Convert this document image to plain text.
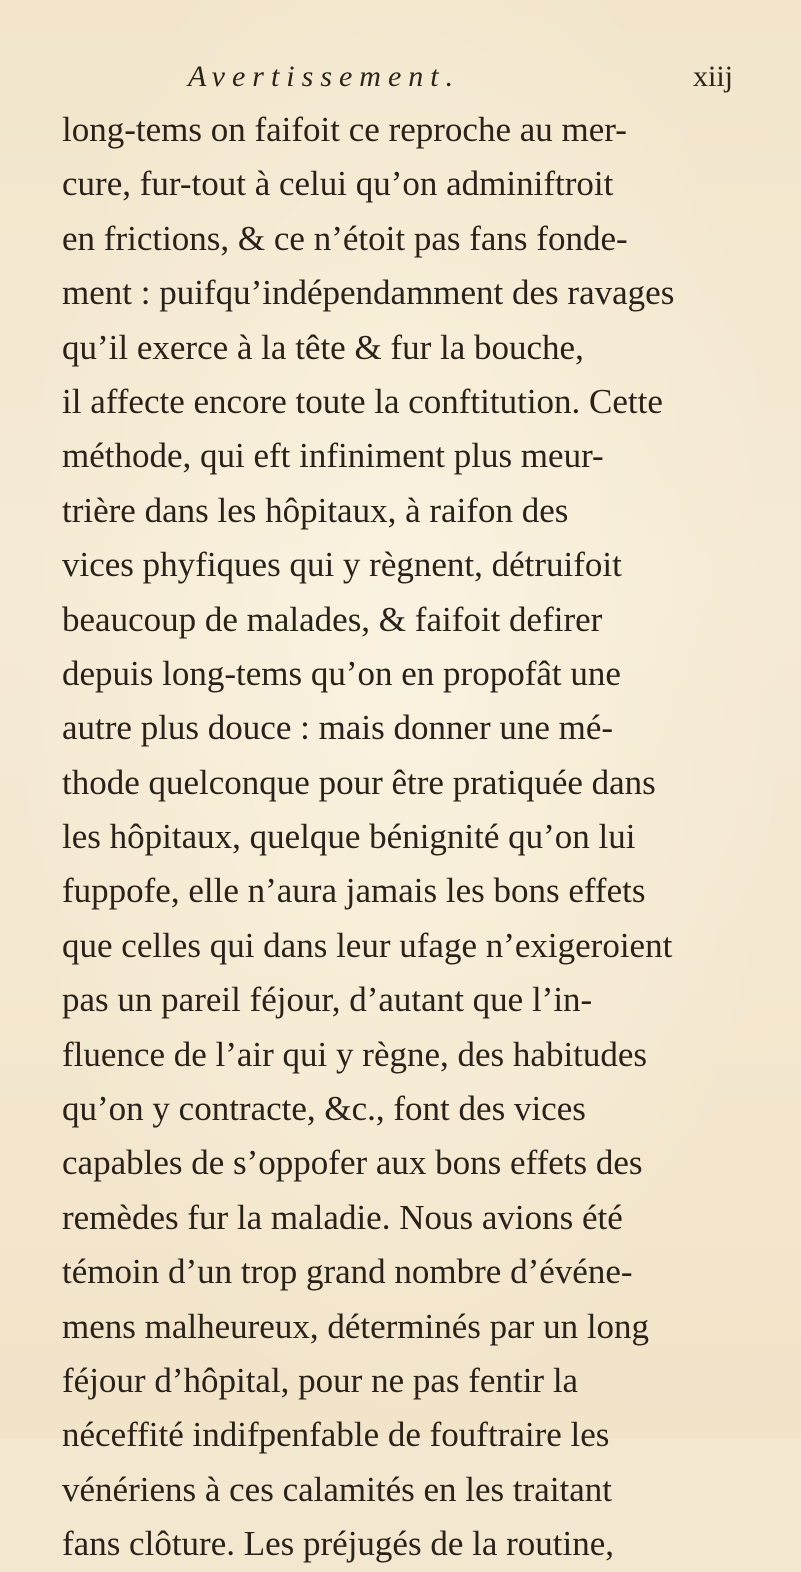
Avertissement.	xiij
long-tems on faifoit ce reproche au mer-
cure, fur-tout à celui qu’on adminiftroit
en frictions, & ce n’étoit pas fans fonde-
ment : puifqu’indépendamment des ravages
qu’il exerce à la tête & fur la bouche,
il affecte encore toute la conftitution. Cette
méthode, qui eft infiniment plus meur-
trière dans les hôpitaux, à raifon des
vices phyfiques qui y règnent, détruifoit
beaucoup de malades, & faifoit defirer
depuis long-tems qu’on en propofât une
autre plus douce : mais donner une mé-
thode quelconque pour être pratiquée dans
les hôpitaux, quelque bénignité qu’on lui
fuppofe, elle n’aura jamais les bons effets
que celles qui dans leur ufage n’exigeroient
pas un pareil féjour, d’autant que l’in-
fluence de l’air qui y règne, des habitudes
qu’on y contracte, &c., font des vices
capables de s’oppofer aux bons effets des
remèdes fur la maladie. Nous avions été
témoin d’un trop grand nombre d’événe-
mens malheureux, déterminés par un long
féjour d’hôpital, pour ne pas fentir la
néceffité indifpenfable de fouftraire les
vénériens à ces calamités en les traitant
fans clôture. Les préjugés de la routine,
